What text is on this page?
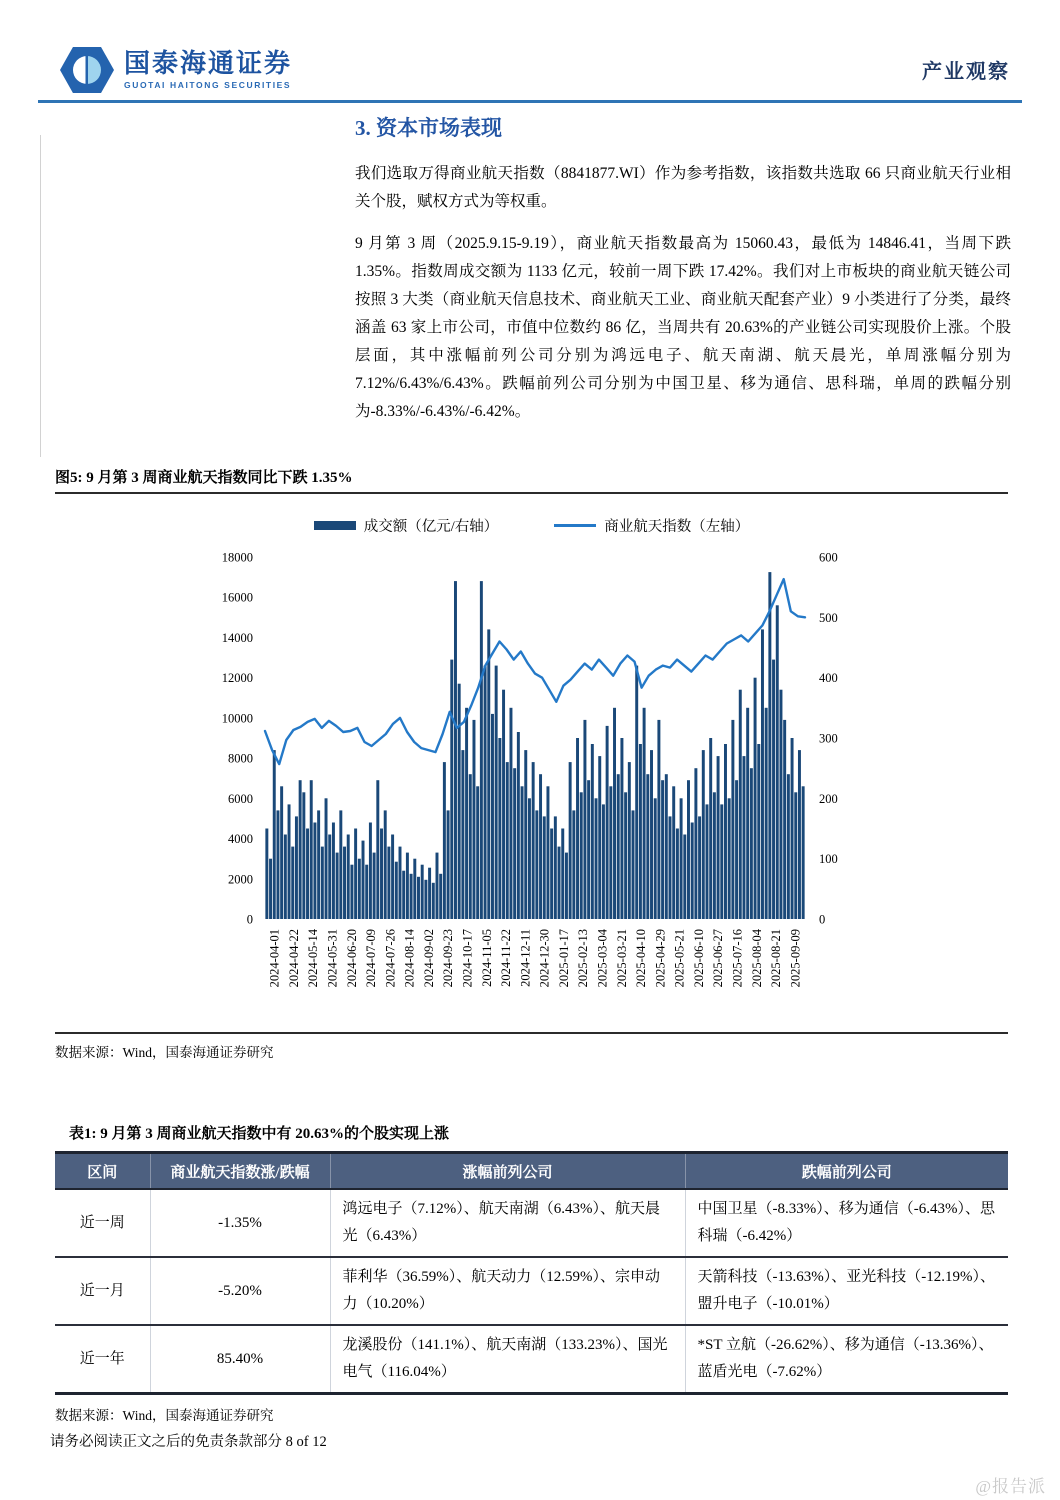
国泰海通证券
GUOTAI HAITONG SECURITIES
产业观察
3. 资本市场表现

我们选取万得商业航天指数（8841877.WI）作为参考指数，该指数共选取 66 只商业航天行业相关个股，赋权方式为等权重。

9 月第 3 周（2025.9.15-9.19），商业航天指数最高为 15060.43，最低为 14846.41，当周下跌 1.35%。指数周成交额为 1133 亿元，较前一周下跌 17.42%。我们对上市板块的商业航天链公司按照 3 大类（商业航天信息技术、商业航天工业、商业航天配套产业）9 小类进行了分类，最终涵盖 63 家上市公司，市值中位数约 86 亿，当周共有 20.63%的产业链公司实现股价上涨。个股层面，其中涨幅前列公司分别为鸿远电子、航天南湖、航天晨光，单周涨幅分别为 7.12%/6.43%/6.43%。跌幅前列公司分别为中国卫星、移为通信、思科瑞，单周的跌幅分别为-8.33%/-6.43%/-6.42%。

图5: 9 月第 3 周商业航天指数同比下跌 1.35%
成交额（亿元/右轴）	商业航天指数（左轴）
0
2000
4000
6000
8000
10000
12000
14000
16000
18000
0
100
200
300
400
500
600
2024-04-01 2024-04-22 2024-05-14 2024-05-31 2024-06-20 2024-07-09 2024-07-26 2024-08-14 2024-09-02 2024-09-23 2024-10-17 2024-11-05 2024-11-22 2024-12-11 2024-12-30 2025-01-17 2025-02-13 2025-03-04 2025-03-21 2025-04-10 2025-04-29 2025-05-21 2025-06-10 2025-06-27 2025-07-16 2025-08-04 2025-08-21 2025-09-09
数据来源：Wind，国泰海通证券研究
表1: 9 月第 3 周商业航天指数中有 20.63%的个股实现上涨
区间	商业航天指数涨/跌幅	涨幅前列公司	跌幅前列公司
近一周	-1.35%	鸿远电子（7.12%）、航天南湖（6.43%）、航天晨光（6.43%）	中国卫星（-8.33%）、移为通信（-6.43%）、思科瑞（-6.42%）
近一月	-5.20%	菲利华（36.59%）、航天动力（12.59%）、宗申动力（10.20%）	天箭科技（-13.63%）、亚光科技（-12.19%）、盟升电子（-10.01%）
近一年	85.40%	龙溪股份（141.1%）、航天南湖（133.23%）、国光电气（116.04%）	*ST 立航（-26.62%）、移为通信（-13.36%）、蓝盾光电（-7.62%）
数据来源：Wind，国泰海通证券研究
请务必阅读正文之后的免责条款部分 8 of 12
@报告派
